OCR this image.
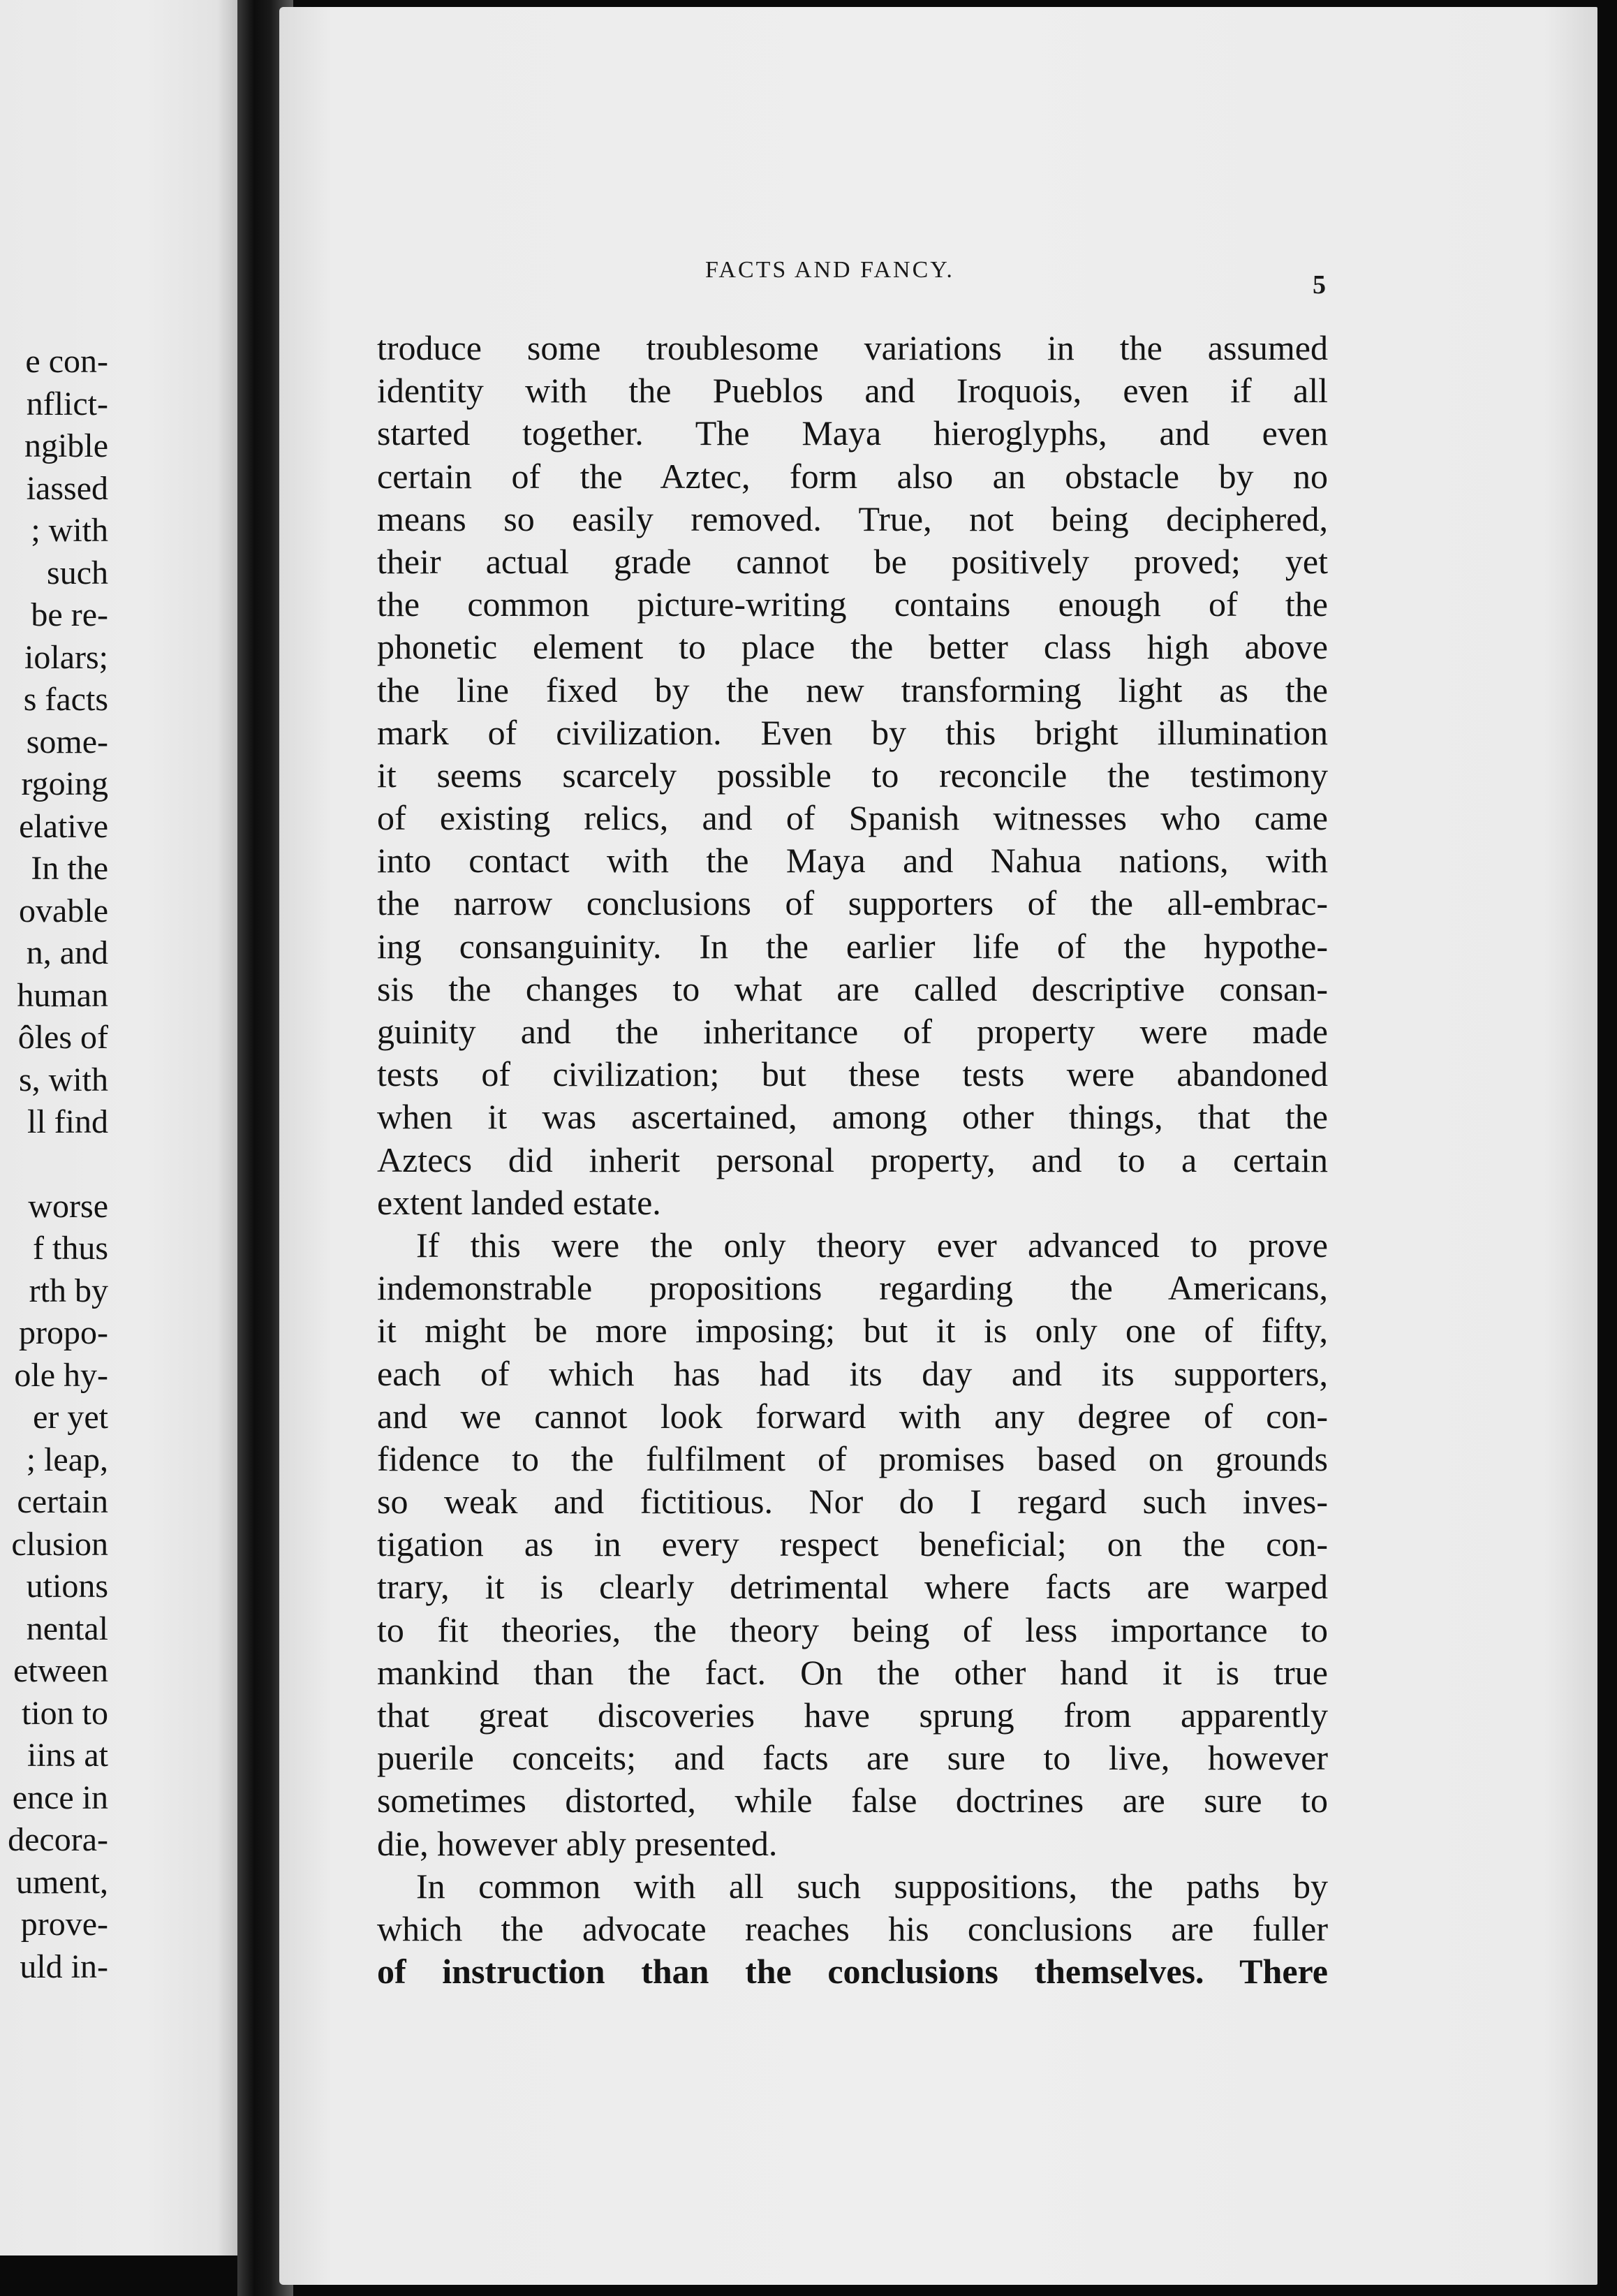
e con-
nflict-
ngible
iassed
; with
such
be re-
iolars;
s facts
some-
rgoing
elative
In the
ovable
n, and
human
ôles of
s, with
ll find
worse
f thus
rth by
propo-
ole hy-
er yet
; leap,
certain
clusion
utions
nental
etween
tion to
iins at
ence in
decora-
ument,
prove-
uld in-
FACTS AND FANCY.
5
troduce some troublesome variations in the assumed
identity with the Pueblos and Iroquois, even if all
started together. The Maya hieroglyphs, and even
certain of the Aztec, form also an obstacle by no
means so easily removed. True, not being deciphered,
their actual grade cannot be positively proved; yet
the common picture-writing contains enough of the
phonetic element to place the better class high above
the line fixed by the new transforming light as the
mark of civilization. Even by this bright illumination
it seems scarcely possible to reconcile the testimony
of existing relics, and of Spanish witnesses who came
into contact with the Maya and Nahua nations, with
the narrow conclusions of supporters of the all-embrac-
ing consanguinity. In the earlier life of the hypothe-
sis the changes to what are called descriptive consan-
guinity and the inheritance of property were made
tests of civilization; but these tests were abandoned
when it was ascertained, among other things, that the
Aztecs did inherit personal property, and to a certain
extent landed estate.
If this were the only theory ever advanced to prove
indemonstrable propositions regarding the Americans,
it might be more imposing; but it is only one of fifty,
each of which has had its day and its supporters,
and we cannot look forward with any degree of con-
fidence to the fulfilment of promises based on grounds
so weak and fictitious. Nor do I regard such inves-
tigation as in every respect beneficial; on the con-
trary, it is clearly detrimental where facts are warped
to fit theories, the theory being of less importance to
mankind than the fact. On the other hand it is true
that great discoveries have sprung from apparently
puerile conceits; and facts are sure to live, however
sometimes distorted, while false doctrines are sure to
die, however ably presented.
In common with all such suppositions, the paths by
which the advocate reaches his conclusions are fuller
of instruction than the conclusions themselves. There
